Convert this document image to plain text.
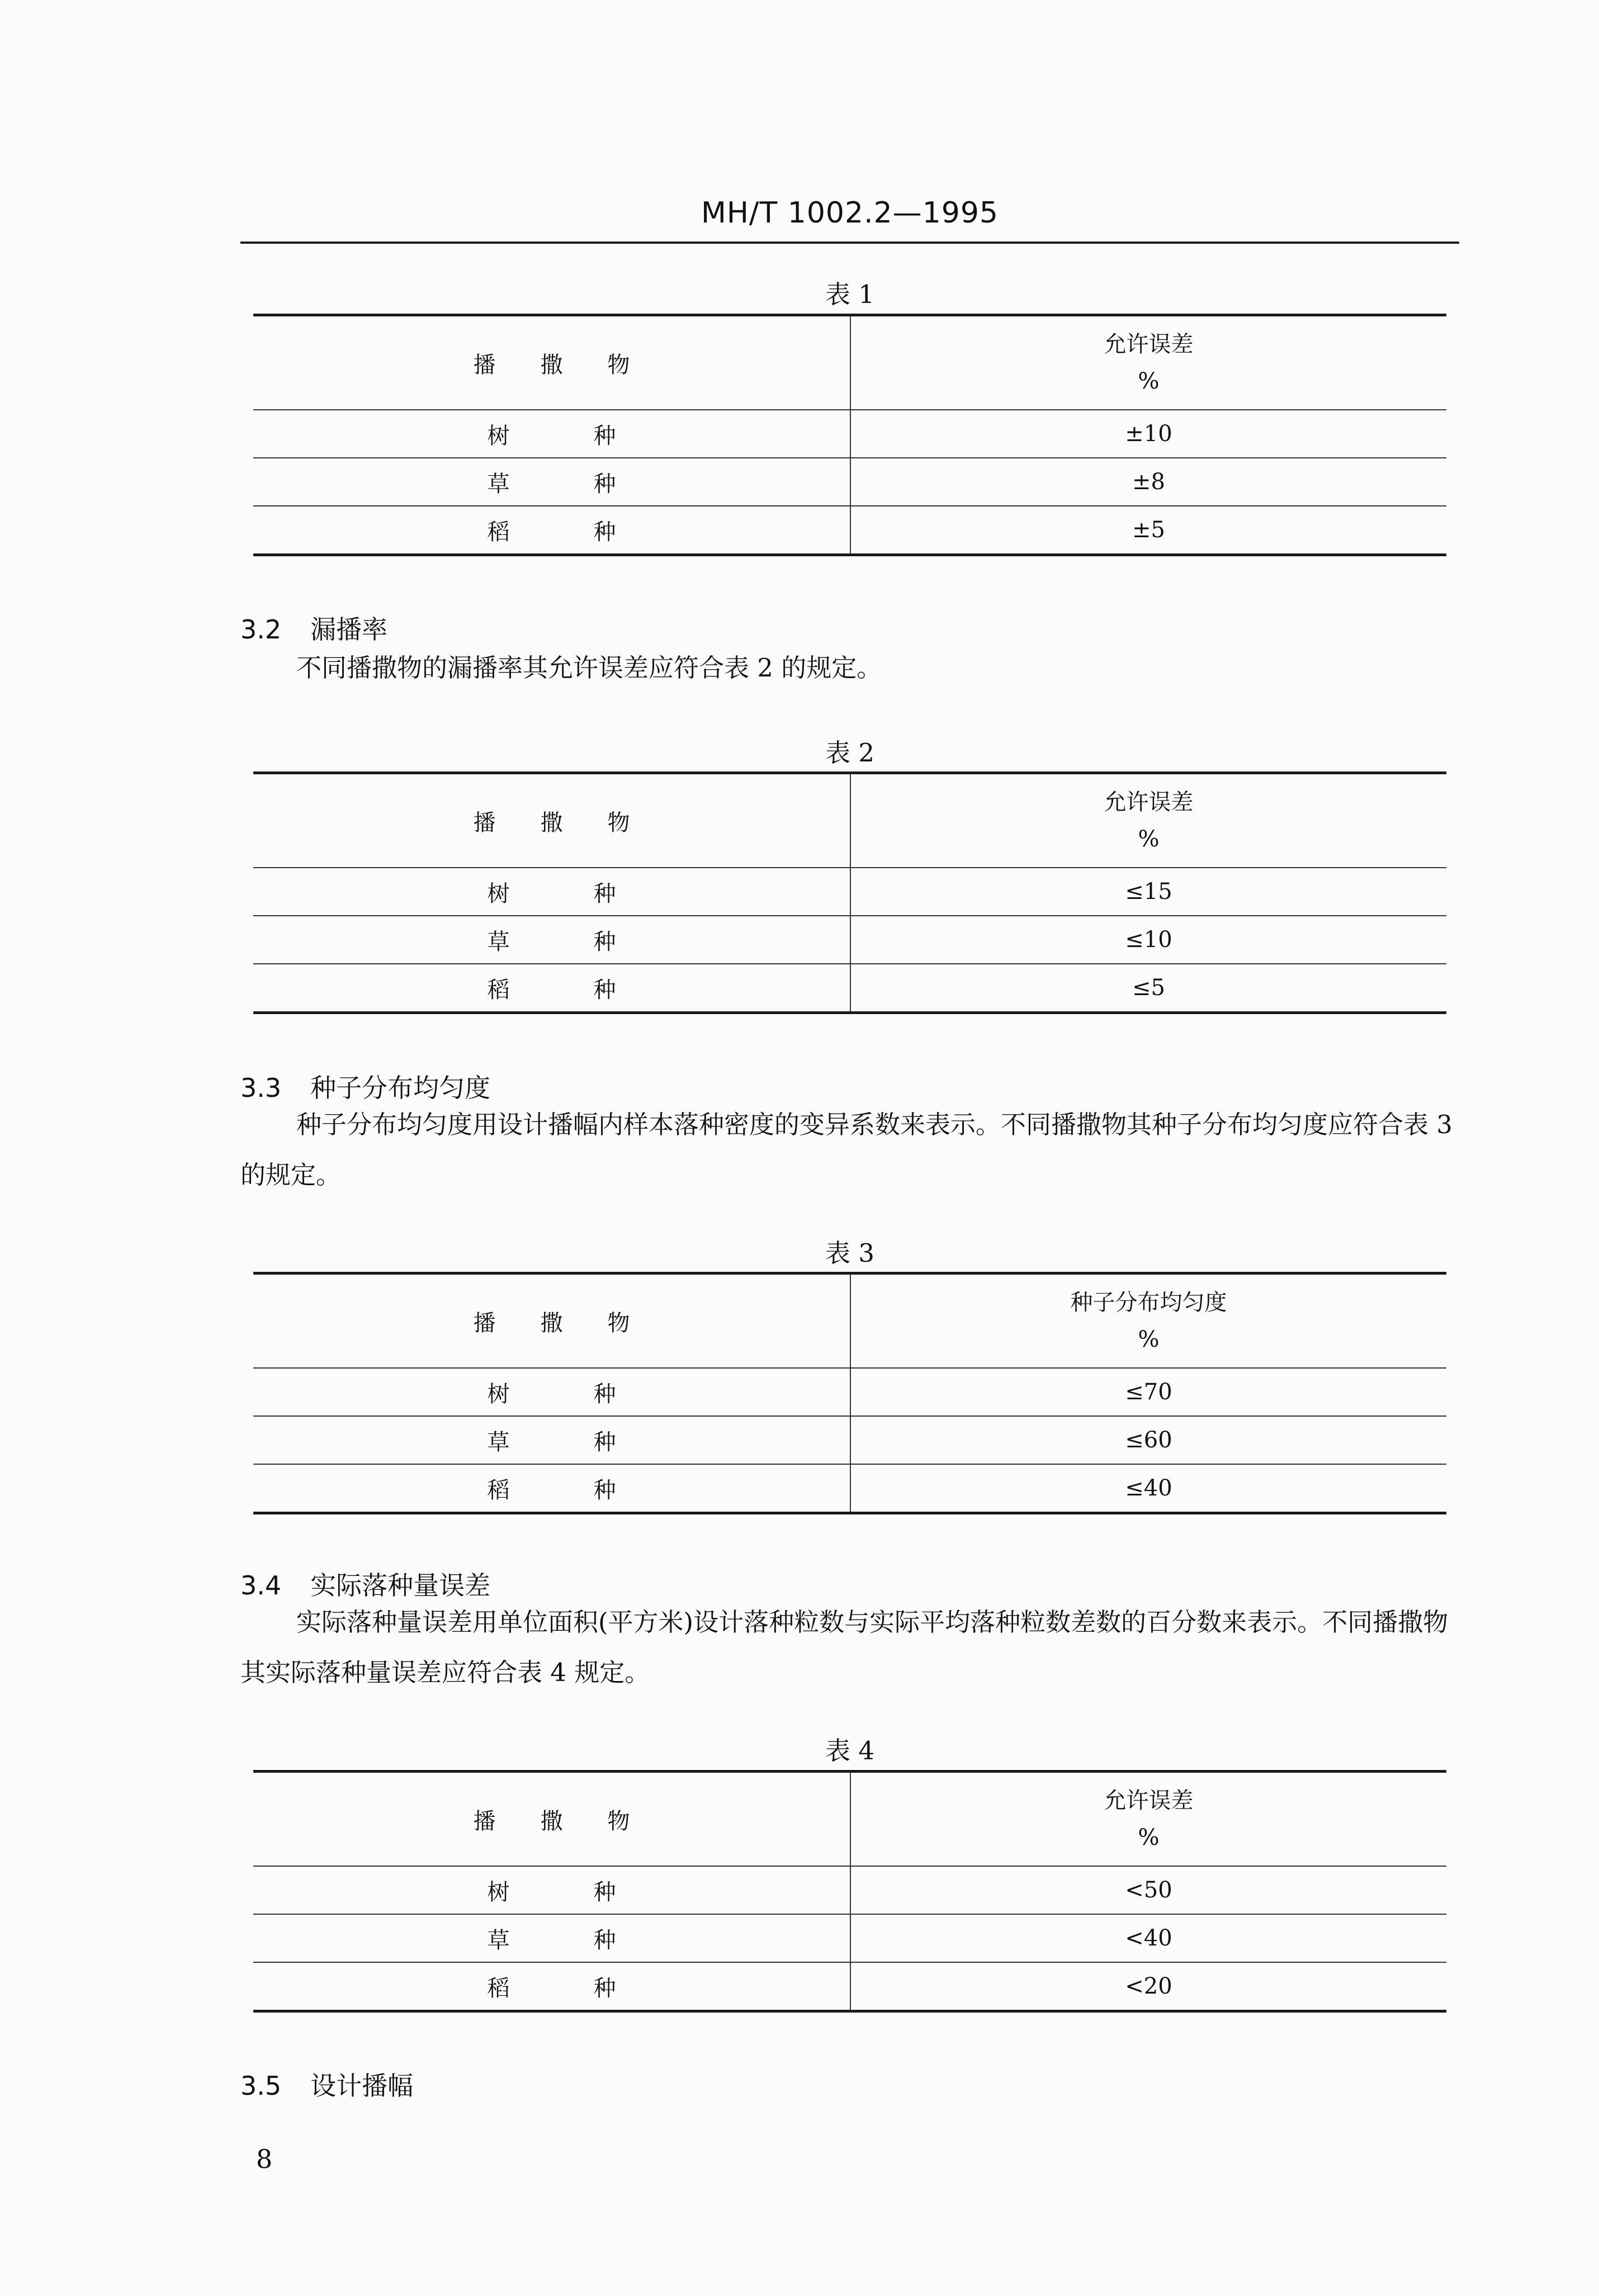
MH/T 1002.2—1995
表 1
播 撒 物	允许误差
%

树 种	±10
草 种	±8
稻 种	±5
3.2 漏播率
不同播撒物的漏播率其允许误差应符合表 2 的规定。
表 2
播 撒 物	允许误差
%

树 种	≤15
草 种	≤10
稻 种	≤5
3.3 种子分布均匀度
种子分布均匀度用设计播幅内样本落种密度的变异系数来表示。不同播撒物其种子分布均匀度应符合表 3 的规定。
表 3
播 撒 物	种子分布均匀度
%

树 种	≤70
草 种	≤60
稻 种	≤40
3.4 实际落种量误差
实际落种量误差用单位面积(平方米)设计落种粒数与实际平均落种粒数差数的百分数来表示。不同播撒物其实际落种量误差应符合表 4 规定。
表 4
播 撒 物	允许误差
%

树 种	<50
草 种	<40
稻 种	<20
3.5 设计播幅
8
